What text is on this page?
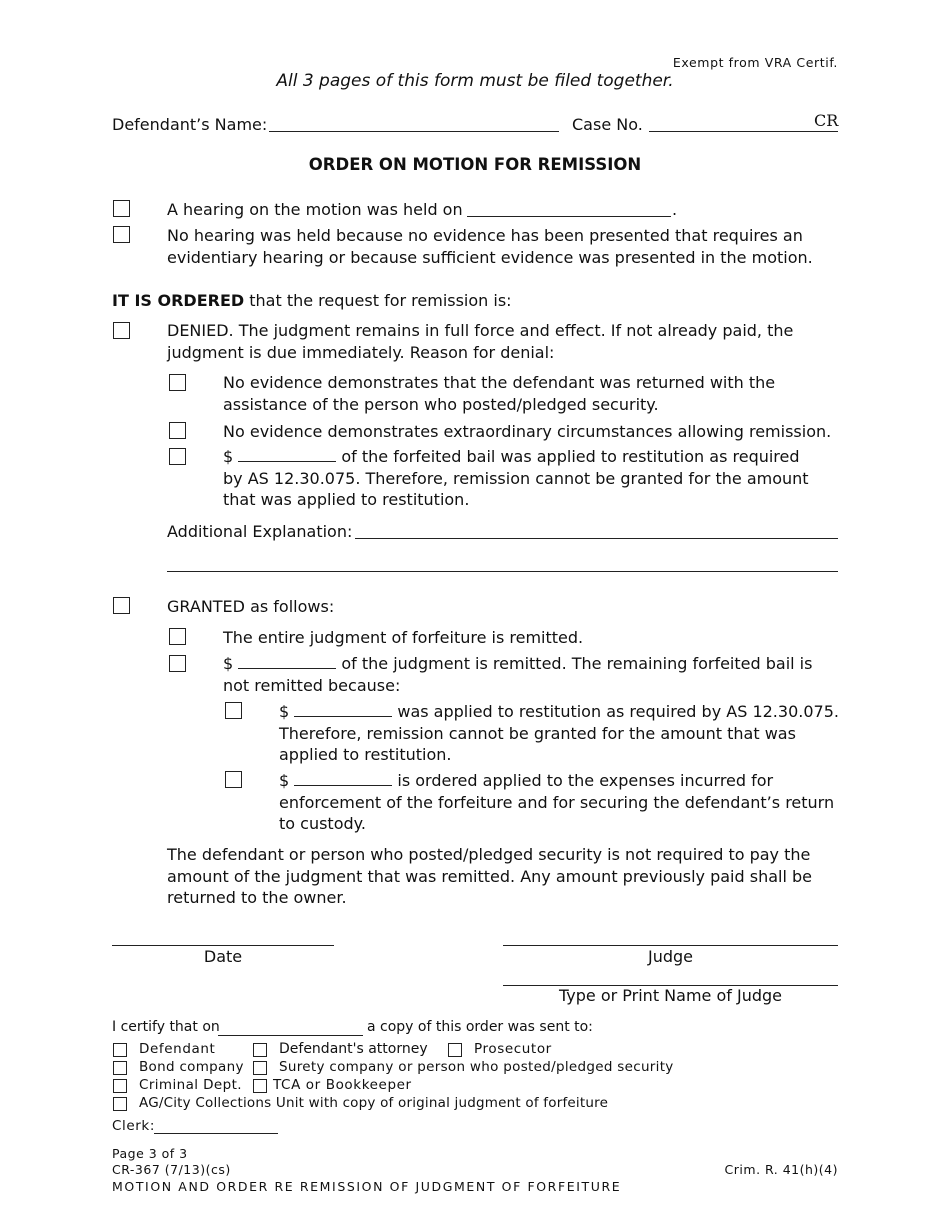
Exempt from VRA Certif.
All 3 pages of this form must be filed together.
Defendant’s Name:	Case No.	CR
ORDER ON MOTION FOR REMISSION
A hearing on the motion was held on	.
No hearing was held because no evidence has been presented that requires an evidentiary hearing or because sufficient evidence was presented in the motion.
IT IS ORDERED that the request for remission is:
DENIED. The judgment remains in full force and effect. If not already paid, the judgment is due immediately. Reason for denial:
No evidence demonstrates that the defendant was returned with the assistance of the person who posted/pledged security.
No evidence demonstrates extraordinary circumstances allowing remission.
$	of the forfeited bail was applied to restitution as required by AS 12.30.075. Therefore, remission cannot be granted for the amount that was applied to restitution.
Additional Explanation:
GRANTED as follows:
The entire judgment of forfeiture is remitted.
$	of the judgment is remitted. The remaining forfeited bail is not remitted because:
$	was applied to restitution as required by AS 12.30.075. Therefore, remission cannot be granted for the amount that was applied to restitution.
$	is ordered applied to the expenses incurred for enforcement of the forfeiture and for securing the defendant’s return to custody.
The defendant or person who posted/pledged security is not required to pay the amount of the judgment that was remitted. Any amount previously paid shall be returned to the owner.
Date	Judge
Type or Print Name of Judge
I certify that on	a copy of this order was sent to:
Defendant	Defendant's attorney	Prosecutor
Bond company	Surety company or person who posted/pledged security
Criminal Dept. TCA or Bookkeeper
AG/City Collections Unit with copy of original judgment of forfeiture
Clerk:
Page 3 of 3
CR-367 (7/13)(cs)	Crim. R. 41(h)(4)
MOTION AND ORDER RE REMISSION OF JUDGMENT OF FORFEITURE
